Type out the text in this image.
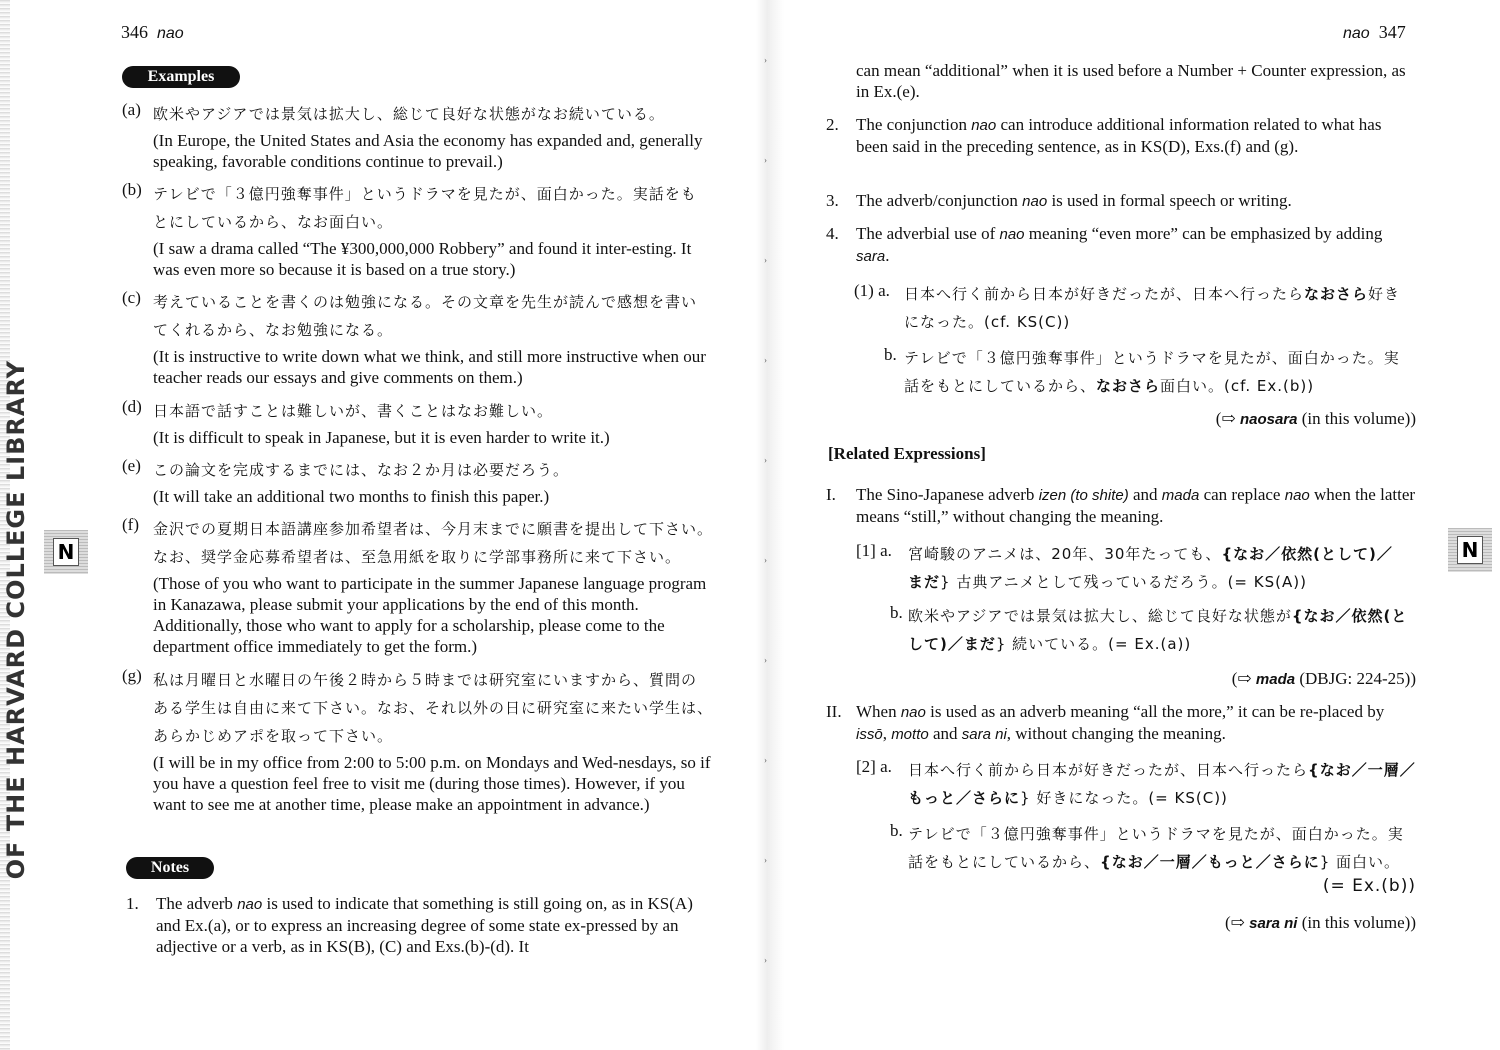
OF THE HARVARD COLLEGE LIBRARY N
346 nao
Examples
(a) 欧米やアジアでは景気は拡大し、総じて良好な状態がなお続いている。
(In Europe, the United States and Asia the economy has expanded and, generally speaking, favorable conditions continue to prevail.)
(b) テレビで「３億円強奪事件」というドラマを見たが、面白かった。実話をも
とにしているから、なお面白い。
(I saw a drama called “The ¥300,000,000 Robbery” and found it inter-esting. It was even more so because it is based on a true story.)
(c) 考えていることを書くのは勉強になる。その文章を先生が読んで感想を書い
てくれるから、なお勉強になる。
(It is instructive to write down what we think, and still more instructive when our teacher reads our essays and give comments on them.)
(d) 日本語で話すことは難しいが、書くことはなお難しい。
(It is difficult to speak in Japanese, but it is even harder to write it.)
(e) この論文を完成するまでには、なお２か月は必要だろう。
(It will take an additional two months to finish this paper.)
(f) 金沢での夏期日本語講座参加希望者は、今月末までに願書を提出して下さい。
なお、奨学金応募希望者は、至急用紙を取りに学部事務所に来て下さい。
(Those of you who want to participate in the summer Japanese language program in Kanazawa, please submit your applications by the end of this month. Additionally, those who want to apply for a scholarship, please come to the department office immediately to get the form.)
(g) 私は月曜日と水曜日の午後２時から５時までは研究室にいますから、質問の
ある学生は自由に来て下さい。なお、それ以外の日に研究室に来たい学生は、
あらかじめアポを取って下さい。
(I will be in my office from 2:00 to 5:00 p.m. on Mondays and Wed-nesdays, so if you have a question feel free to visit me (during those times). However, if you want to see me at another time, please make an appointment in advance.)
Notes
1. The adverb nao is used to indicate that something is still going on, as in KS(A) and Ex.(a), or to express an increasing degree of some state ex-pressed by an adjective or a verb, as in KS(B), (C) and Exs.(b)-(d). It
›
›
›
›
›
›
›
›
›
›
nao 347
N
can mean “additional” when it is used before a Number + Counter expression, as in Ex.(e).
2. The conjunction nao can introduce additional information related to what has been said in the preceding sentence, as in KS(D), Exs.(f) and (g).
3. The adverb/conjunction nao is used in formal speech or writing.
4. The adverbial use of nao meaning “even more” can be emphasized by adding sara.
(1) a. 日本へ行く前から日本が好きだったが、日本へ行ったらなおさら好き
になった。(cf. KS(C))
b. テレビで「３億円強奪事件」というドラマを見たが、面白かった。実
話をもとにしているから、なおさら面白い。(cf. Ex.(b))
(⇨ naosara (in this volume))
[Related Expressions]
I. The Sino-Japanese adverb izen (to shite) and mada can replace nao when the latter means “still,” without changing the meaning.
[1] a. 宮崎駿のアニメは、20年、30年たっても、{なお／依然(として)／
まだ} 古典アニメとして残っているだろう。(= KS(A))
b. 欧米やアジアでは景気は拡大し、総じて良好な状態が{なお／依然(と
して)／まだ} 続いている。(= Ex.(a))
(⇨ mada (DBJG: 224-25))
II. When nao is used as an adverb meaning “all the more,” it can be re-placed by issō, motto and sara ni, without changing the meaning.
[2] a. 日本へ行く前から日本が好きだったが、日本へ行ったら{なお／一層／
もっと／さらに} 好きになった。(= KS(C))
b. テレビで「３億円強奪事件」というドラマを見たが、面白かった。実
話をもとにしているから、{なお／一層／もっと／さらに} 面白い。
(= Ex.(b))
(⇨ sara ni (in this volume))
